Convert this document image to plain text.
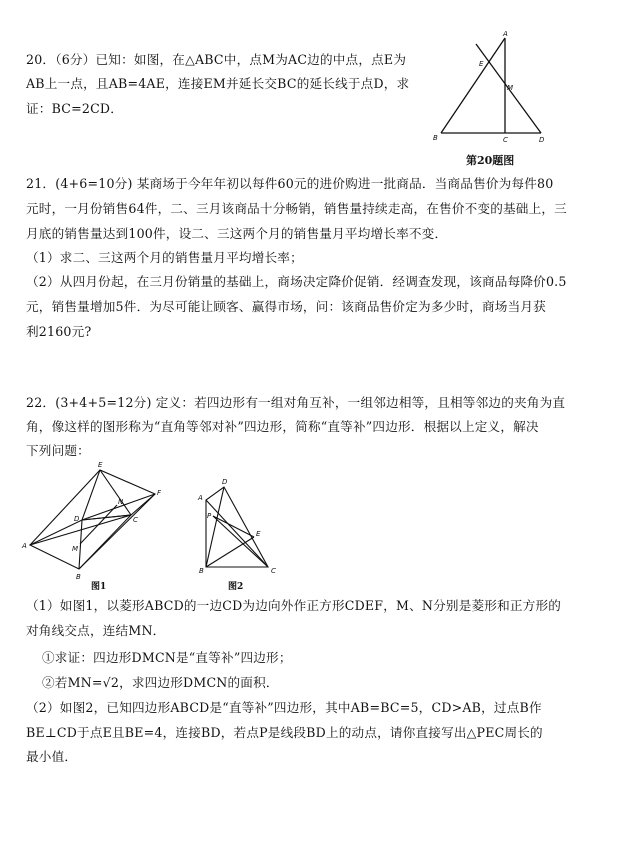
20．（6分）已知：如图，在△ABC中，点M为AC边的中点，点E为
AB上一点，且AB=4AE，连接EM并延长交BC的延长线于点D，求
证：BC=2CD．
A
E
M
B	C	D
第20题图
21．(4+6=10分) 某商场于今年年初以每件60元的进价购进一批商品．当商品售价为每件80
元时，一月份销售64件，二、三月该商品十分畅销，销售量持续走高，在售价不变的基础上，三
月底的销售量达到100件，设二、三这两个月的销售量月平均增长率不变．
（1）求二、三这两个月的销售量月平均增长率；
（2）从四月份起，在三月份销量的基础上，商场决定降价促销．经调查发现，该商品每降价0.5
元，销售量增加5件．为尽可能让顾客、赢得市场，问：该商品售价定为多少时，商场当月获
利2160元?
22．(3+4+5=12分) 定义：若四边形有一组对角互补，一组邻边相等，且相等邻边的夹角为直
角，像这样的图形称为“直角等邻对补”四边形，简称“直等补”四边形．根据以上定义，解决
下列问题：
A
B
C
D
E
F
M
N
图1
A
B	C
D
E
P
图2
（1）如图1，以菱形ABCD的一边CD为边向外作正方形CDEF，M、N分别是菱形和正方形的
对角线交点，连结MN．
①求证：四边形DMCN是“直等补”四边形；
②若MN=√2，求四边形DMCN的面积．
（2）如图2，已知四边形ABCD是“直等补”四边形，其中AB=BC=5，CD>AB，过点B作
BE⊥CD于点E且BE=4，连接BD，若点P是线段BD上的动点，请你直接写出△PEC周长的
最小值．
